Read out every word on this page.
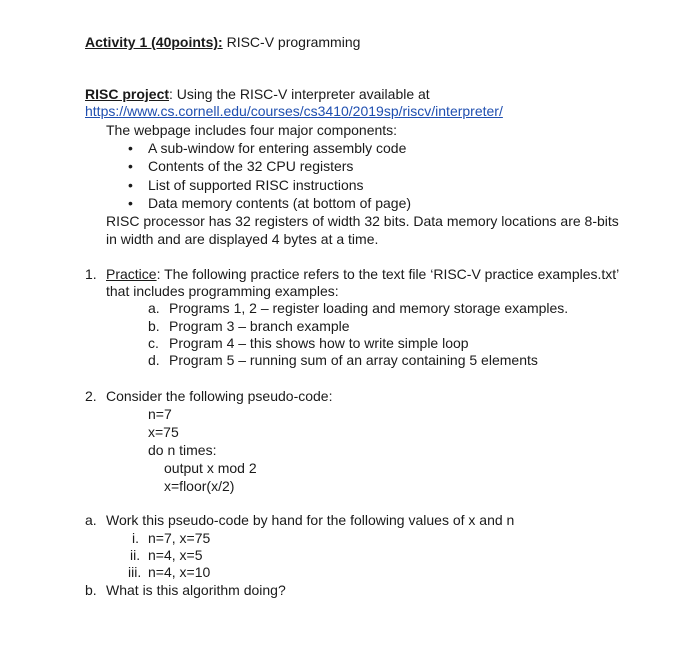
Activity 1 (40points): RISC-V programming
RISC project: Using the RISC-V interpreter available at
https://www.cs.cornell.edu/courses/cs3410/2019sp/riscv/interpreter/
The webpage includes four major components:
• A sub-window for entering assembly code
• Contents of the 32 CPU registers
• List of supported RISC instructions
• Data memory contents (at bottom of page)
RISC processor has 32 registers of width 32 bits. Data memory locations are 8-bits
in width and are displayed 4 bytes at a time.
1. Practice: The following practice refers to the text file ‘RISC-V practice examples.txt’
that includes programming examples:
a. Programs 1, 2 – register loading and memory storage examples.
b. Program 3 – branch example
c. Program 4 – this shows how to write simple loop
d. Program 5 – running sum of an array containing 5 elements
2. Consider the following pseudo-code:
n=7
x=75
do n times:
output x mod 2
x=floor(x/2)
a. Work this pseudo-code by hand for the following values of x and n
i. n=7, x=75
ii. n=4, x=5
iii. n=4, x=10
b. What is this algorithm doing?
